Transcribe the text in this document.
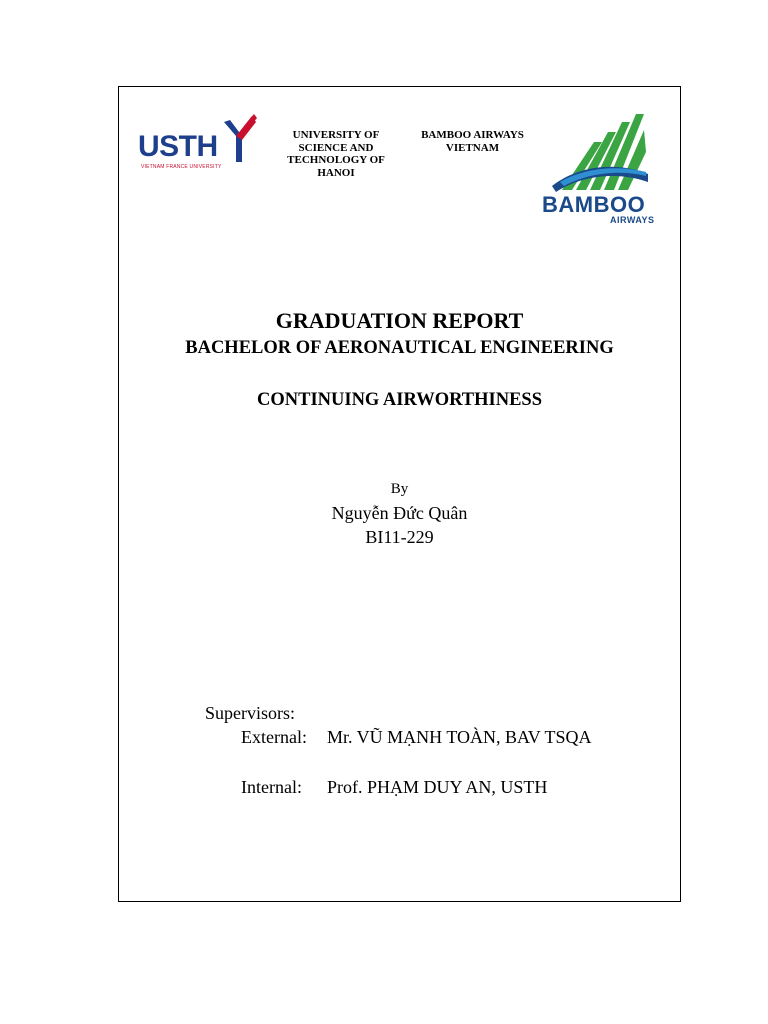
USTH
VIETNAM FRANCE UNIVERSITY
UNIVERSITY OF
SCIENCE AND
TECHNOLOGY OF
HANOI
BAMBOO AIRWAYS
VIETNAM
BAMBOO
AIRWAYS
GRADUATION REPORT
BACHELOR OF AERONAUTICAL ENGINEERING
CONTINUING AIRWORTHINESS
By
Nguyễn Đức Quân
BI11-229
Supervisors:
External: Mr. VŨ MẠNH TOÀN, BAV TSQA
Internal: Prof. PHẠM DUY AN, USTH
